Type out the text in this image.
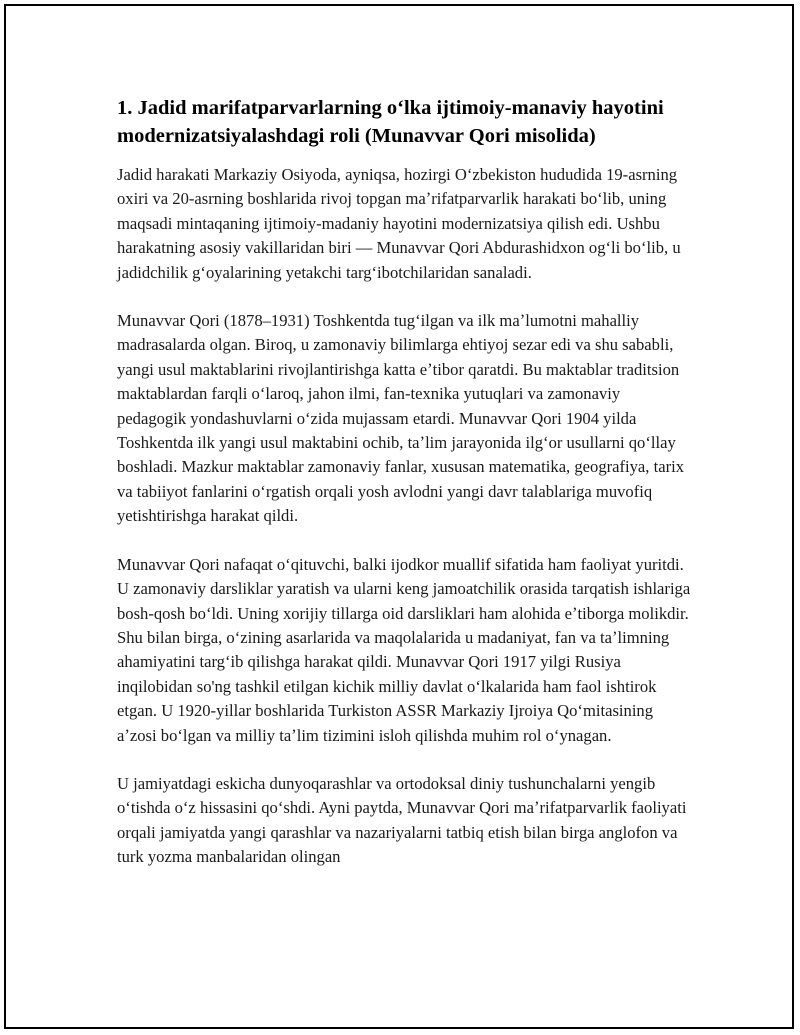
1. Jadid marifatparvarlarning oʻlka ijtimoiy-manaviy hayotini modernizatsiyalashdagi roli (Munavvar Qori misolida)

Jadid harakati Markaziy Osiyoda, ayniqsa, hozirgi Oʻzbekiston hududida 19-asrning oxiri va 20-asrning boshlarida rivoj topgan maʼrifatparvarlik harakati boʻlib, uning maqsadi mintaqaning ijtimoiy-madaniy hayotini modernizatsiya qilish edi. Ushbu harakatning asosiy vakillaridan biri — Munavvar Qori Abdurashidxon ogʻli boʻlib, u jadidchilik gʻoyalarining yetakchi targʻibotchilaridan sanaladi.

Munavvar Qori (1878–1931) Toshkentda tugʻilgan va ilk maʼlumotni mahalliy madrasalarda olgan. Biroq, u zamonaviy bilimlarga ehtiyoj sezar edi va shu sababli, yangi usul maktablarini rivojlantirishga katta eʼtibor qaratdi. Bu maktablar traditsion maktablardan farqli oʻlaroq, jahon ilmi, fan-texnika yutuqlari va zamonaviy pedagogik yondashuvlarni oʻzida mujassam etardi. Munavvar Qori 1904 yilda Toshkentda ilk yangi usul maktabini ochib, taʼlim jarayonida ilgʻor usullarni qoʻllay boshladi. Mazkur maktablar zamonaviy fanlar, xususan matematika, geografiya, tarix va tabiiyot fanlarini oʻrgatish orqali yosh avlodni yangi davr talablariga muvofiq yetishtirishga harakat qildi.

Munavvar Qori nafaqat oʻqituvchi, balki ijodkor muallif sifatida ham faoliyat yuritdi. U zamonaviy darsliklar yaratish va ularni keng jamoatchilik orasida tarqatish ishlariga bosh-qosh boʻldi. Uning xorijiy tillarga oid darsliklari ham alohida eʼtiborga molikdir. Shu bilan birga, oʻzining asarlarida va maqolalarida u madaniyat, fan va taʼlimning ahamiyatini targʻib qilishga harakat qildi. Munavvar Qori 1917 yilgi Rusiya inqilobidan so'ng tashkil etilgan kichik milliy davlat oʻlkalarida ham faol ishtirok etgan. U 1920-yillar boshlarida Turkiston ASSR Markaziy Ijroiya Qoʻmitasining aʼzosi boʻlgan va milliy taʼlim tizimini isloh qilishda muhim rol oʻynagan.

U jamiyatdagi eskicha dunyoqarashlar va ortodoksal diniy tushunchalarni yengib oʻtishda oʻz hissasini qoʻshdi. Ayni paytda, Munavvar Qori maʼrifatparvarlik faoliyati orqali jamiyatda yangi qarashlar va nazariyalarni tatbiq etish bilan birga anglofon va turk yozma manbalaridan olingan
